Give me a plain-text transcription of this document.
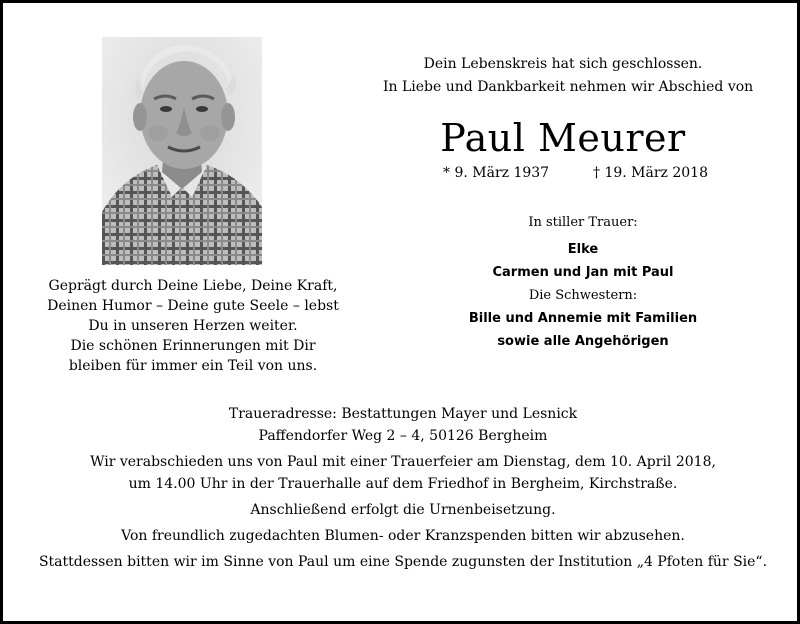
Geprägt durch Deine Liebe, Deine Kraft,
Deinen Humor – Deine gute Seele – lebst
Du in unseren Herzen weiter.
Die schönen Erinnerungen mit Dir
bleiben für immer ein Teil von uns.
Dein Lebenskreis hat sich geschlossen.
In Liebe und Dankbarkeit nehmen wir Abschied von
Paul Meurer
* 9. März 1937	† 19. März 2018
In stiller Trauer:
Elke
Carmen und Jan mit Paul
Die Schwestern:
Bille und Annemie mit Familien
sowie alle Angehörigen
Traueradresse: Bestattungen Mayer und Lesnick
Paffendorfer Weg 2 – 4, 50126 Bergheim
Wir verabschieden uns von Paul mit einer Trauerfeier am Dienstag, dem 10. April 2018,
um 14.00 Uhr in der Trauerhalle auf dem Friedhof in Bergheim, Kirchstraße.
Anschließend erfolgt die Urnenbeisetzung.
Von freundlich zugedachten Blumen- oder Kranzspenden bitten wir abzusehen.
Stattdessen bitten wir im Sinne von Paul um eine Spende zugunsten der Institution „4 Pfoten für Sie“.
